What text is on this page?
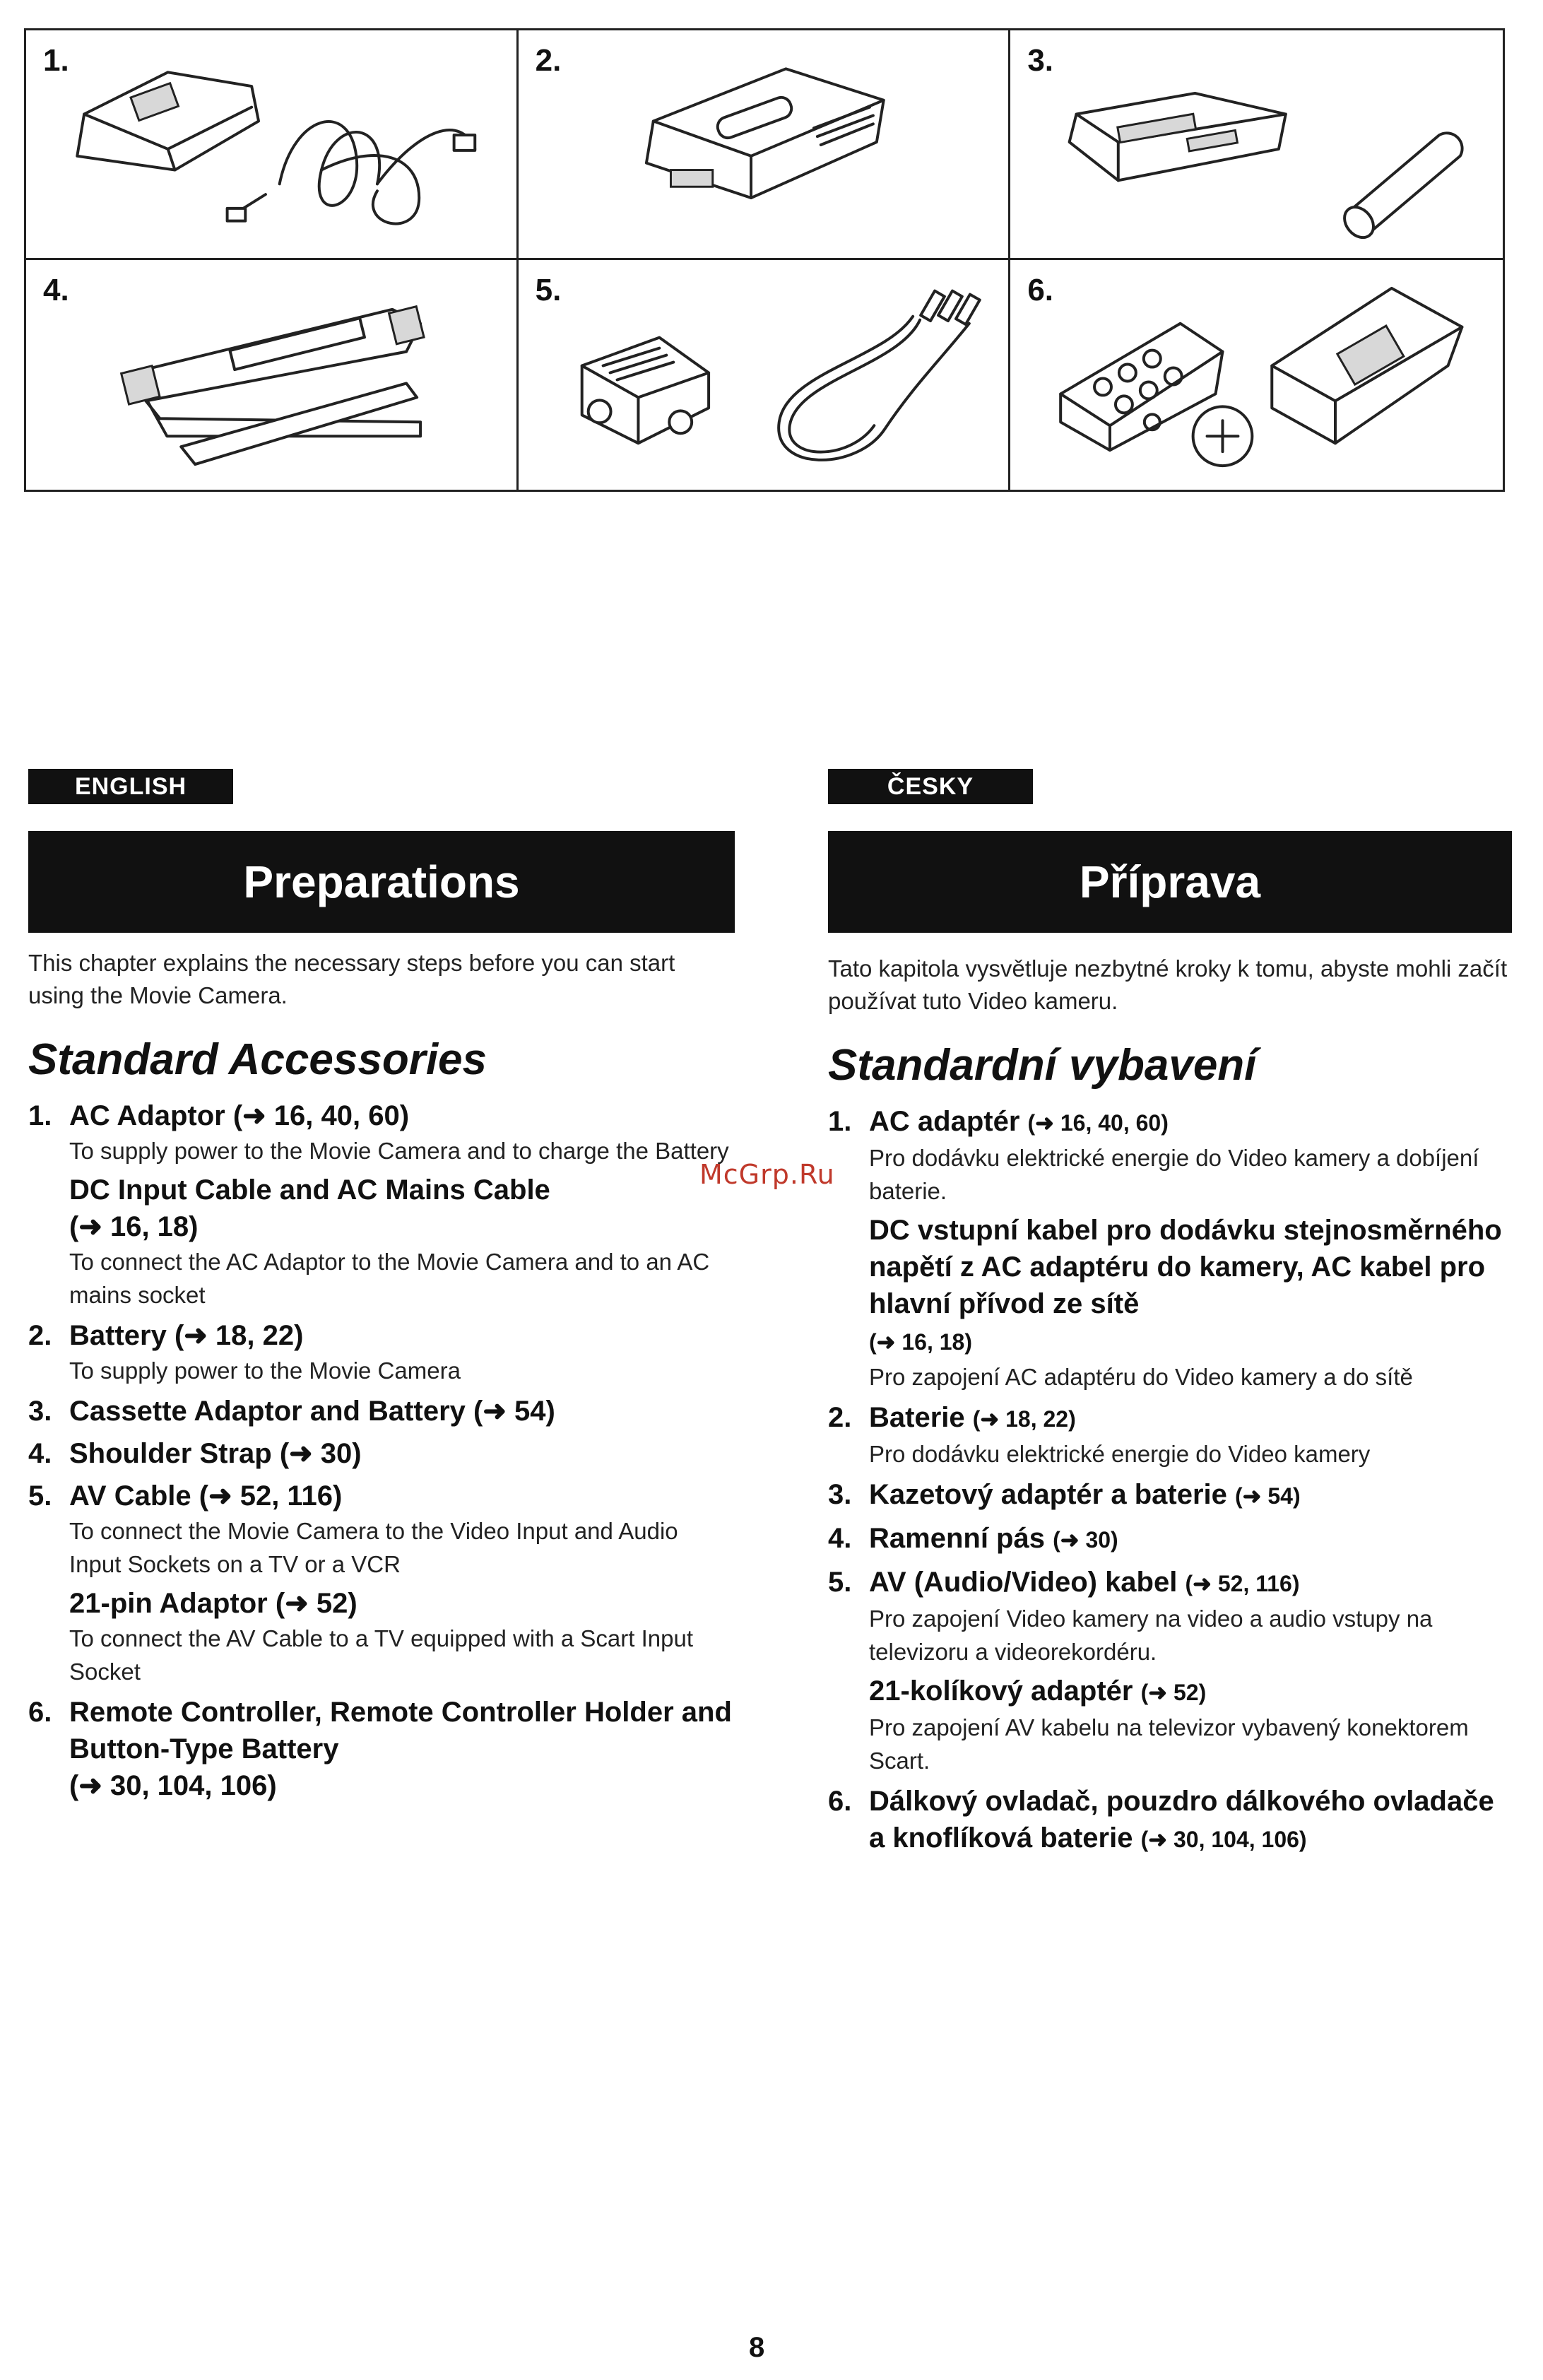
1.	2.	3.
4.	5.	6.
ENGLISH
Preparations

This chapter explains the necessary steps before you can start using the Movie Camera.

Standard Accessories
1. AC Adaptor (➜ 16, 40, 60)

To supply power to the Movie Camera and to charge the Battery

DC Input Cable and AC Mains Cable
(➜ 16, 18)

To connect the AC Adaptor to the Movie Camera and to an AC mains socket

2. Battery (➜ 18, 22)

To supply power to the Movie Camera

3. Cassette Adaptor and Battery (➜ 54)

4. Shoulder Strap (➜ 30)

5. AV Cable (➜ 52, 116)

To connect the Movie Camera to the Video Input and Audio Input Sockets on a TV or a VCR

21-pin Adaptor (➜ 52)

To connect the AV Cable to a TV equipped with a Scart Input Socket

6. Remote Controller, Remote Controller Holder and Button-Type Battery
(➜ 30, 104, 106)

McGrp.Ru
ČESKY
Příprava

Tato kapitola vysvětluje nezbytné kroky k tomu, abyste mohli začít používat tuto Video kameru.

Standardní vybavení
1. AC adaptér (➜ 16, 40, 60)

Pro dodávku elektrické energie do Video kamery a dobíjení baterie.

DC vstupní kabel pro dodávku stejnosměrného napětí z AC adaptéru do kamery, AC kabel pro hlavní přívod ze sítě
(➜ 16, 18)

Pro zapojení AC adaptéru do Video kamery a do sítě

2. Baterie (➜ 18, 22)

Pro dodávku elektrické energie do Video kamery

3. Kazetový adaptér a baterie (➜ 54)

4. Ramenní pás (➜ 30)

5. AV (Audio/Video) kabel (➜ 52, 116)

Pro zapojení Video kamery na video a audio vstupy na televizoru a videorekordéru.

21-kolíkový adaptér (➜ 52)

Pro zapojení AV kabelu na televizor vybavený konektorem Scart.

6. Dálkový ovladač, pouzdro dálkového ovladače a knoflíková baterie (➜ 30, 104, 106)

8
